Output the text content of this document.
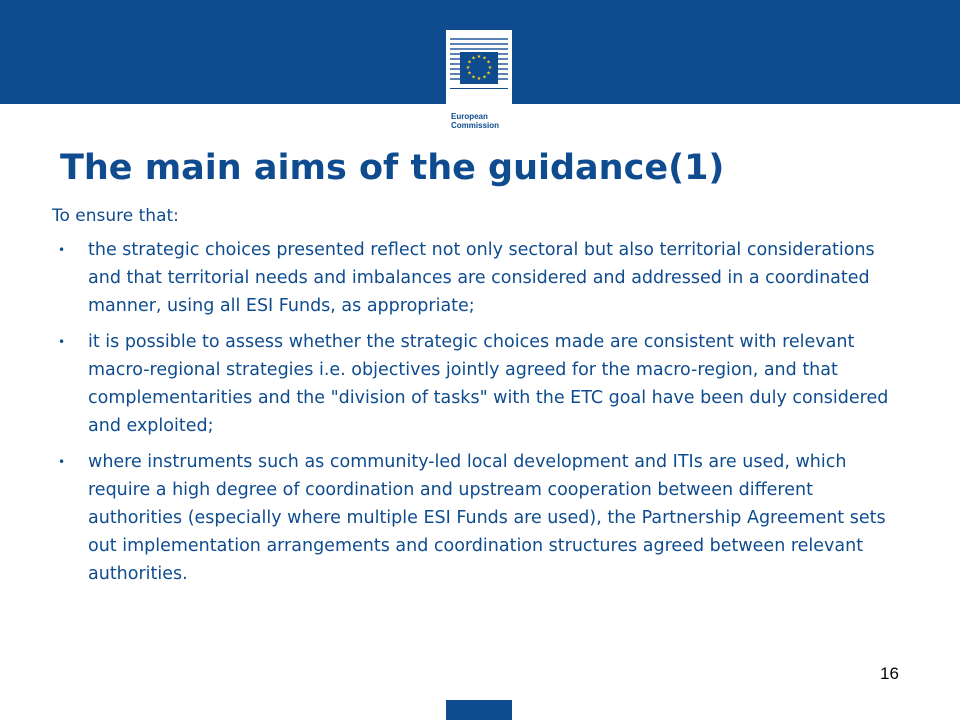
★ ★
★
★
★
★
★
★
★
★
★
★
European
Commission
The main aims of the guidance(1)

To ensure that:

• the strategic choices presented reflect not only sectoral but also territorial considerations and that territorial needs and imbalances are considered and addressed in a coordinated manner, using all ESI Funds, as appropriate;
• it is possible to assess whether the strategic choices made are consistent with relevant macro-regional strategies i.e. objectives jointly agreed for the macro-region, and that complementarities and the "division of tasks" with the ETC goal have been duly considered and exploited;
• where instruments such as community-led local development and ITIs are used, which require a high degree of coordination and upstream cooperation between different authorities (especially where multiple ESI Funds are used), the Partnership Agreement sets out implementation arrangements and coordination structures agreed between relevant authorities.
16
